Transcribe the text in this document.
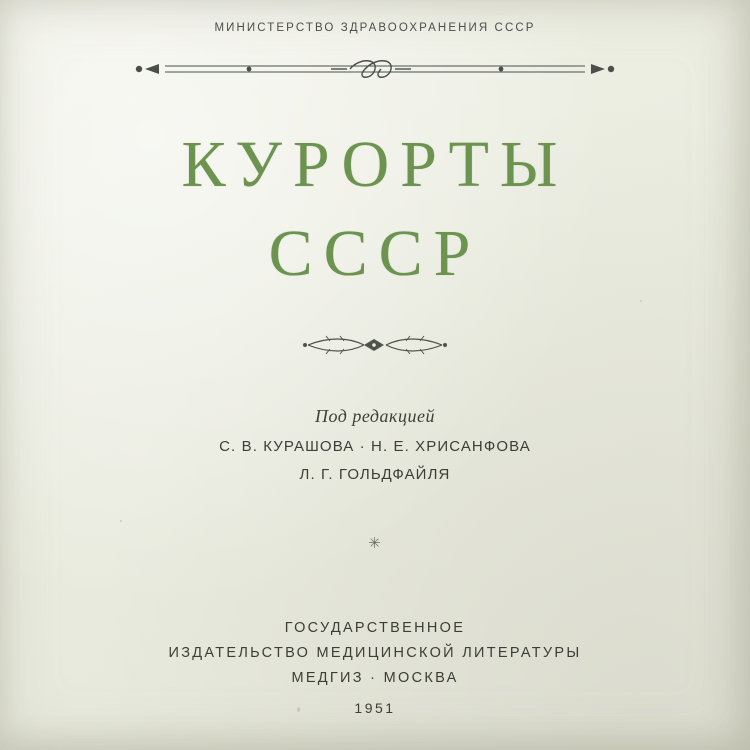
МИНИСТЕРСТВО ЗДРАВООХРАНЕНИЯ СССР
КУРОРТЫ
СССР
Под редакцией
С. В. КУРАШОВА · Н. Е. ХРИСАНФОВА
Л. Г. ГОЛЬДФАЙЛЯ
✳
ГОСУДАРСТВЕННОЕ
ИЗДАТЕЛЬСТВО МЕДИЦИНСКОЙ ЛИТЕРАТУРЫ
МЕДГИЗ · МОСКВА
1951
